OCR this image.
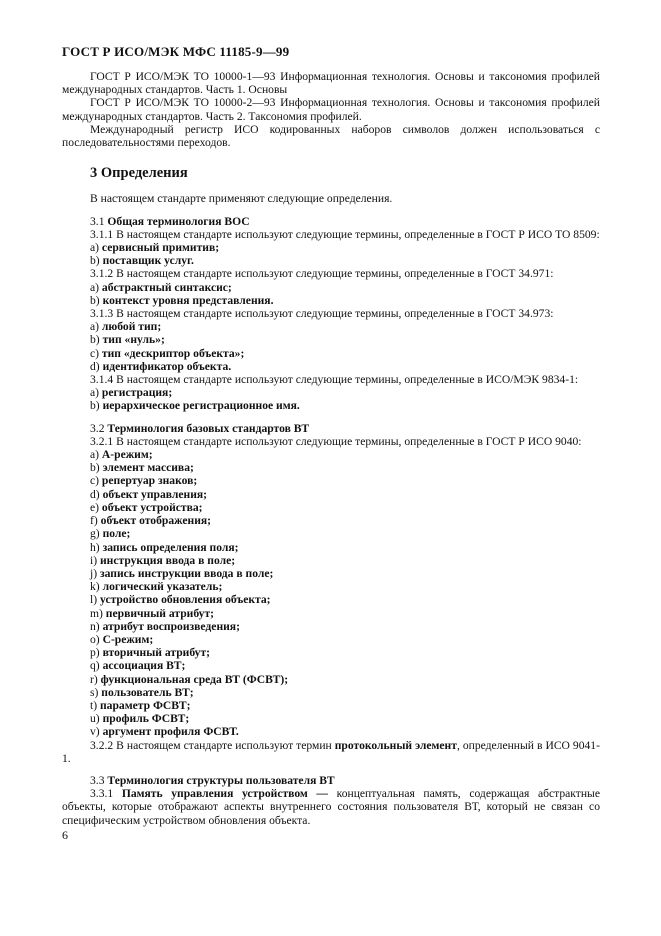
ГОСТ Р ИСО/МЭК МФС 11185-9—99

ГОСТ Р ИСО/МЭК ТО 10000-1—93 Информационная технология. Основы и таксономия профилей международных стандартов. Часть 1. Основы

ГОСТ Р ИСО/МЭК ТО 10000-2—93 Информационная технология. Основы и таксономия профилей международных стандартов. Часть 2. Таксономия профилей.

Международный регистр ИСО кодированных наборов символов должен использоваться с последовательностями переходов.

3 Определения

В настоящем стандарте применяют следующие определения.

3.1 Общая терминология ВОС

3.1.1 В настоящем стандарте используют следующие термины, определенные в ГОСТ Р ИСО ТО 8509:

a) сервисный примитив;
b) поставщик услуг.

3.1.2 В настоящем стандарте используют следующие термины, определенные в ГОСТ 34.971:

a) абстрактный синтаксис;
b) контекст уровня представления.

3.1.3 В настоящем стандарте используют следующие термины, определенные в ГОСТ 34.973:

a) любой тип;
b) тип «нуль»;
c) тип «дескриптор объекта»;
d) идентификатор объекта.

3.1.4 В настоящем стандарте используют следующие термины, определенные в ИСО/МЭК 9834-1:

a) регистрация;
b) иерархическое регистрационное имя.
3.2 Терминология базовых стандартов ВТ

3.2.1 В настоящем стандарте используют следующие термины, определенные в ГОСТ Р ИСО 9040:

a) А-режим;
b) элемент массива;
c) репертуар знаков;
d) объект управления;
e) объект устройства;
f) объект отображения;
g) поле;
h) запись определения поля;
i) инструкция ввода в поле;
j) запись инструкции ввода в поле;
k) логический указатель;
l) устройство обновления объекта;
m) первичный атрибут;
n) атрибут воспроизведения;
o) С-режим;
p) вторичный атрибут;
q) ассоциация ВТ;
r) функциональная среда ВТ (ФСВТ);
s) пользователь ВТ;
t) параметр ФСВТ;
u) профиль ФСВТ;
v) аргумент профиля ФСВТ.

3.2.2 В настоящем стандарте используют термин протокольный элемент, определенный в ИСО 9041-1.

3.3 Терминология структуры пользователя ВТ

3.3.1 Память управления устройством — концептуальная память, содержащая абстрактные объекты, которые отображают аспекты внутреннего состояния пользователя ВТ, который не связан со специфическим устройством обновления объекта.

6
